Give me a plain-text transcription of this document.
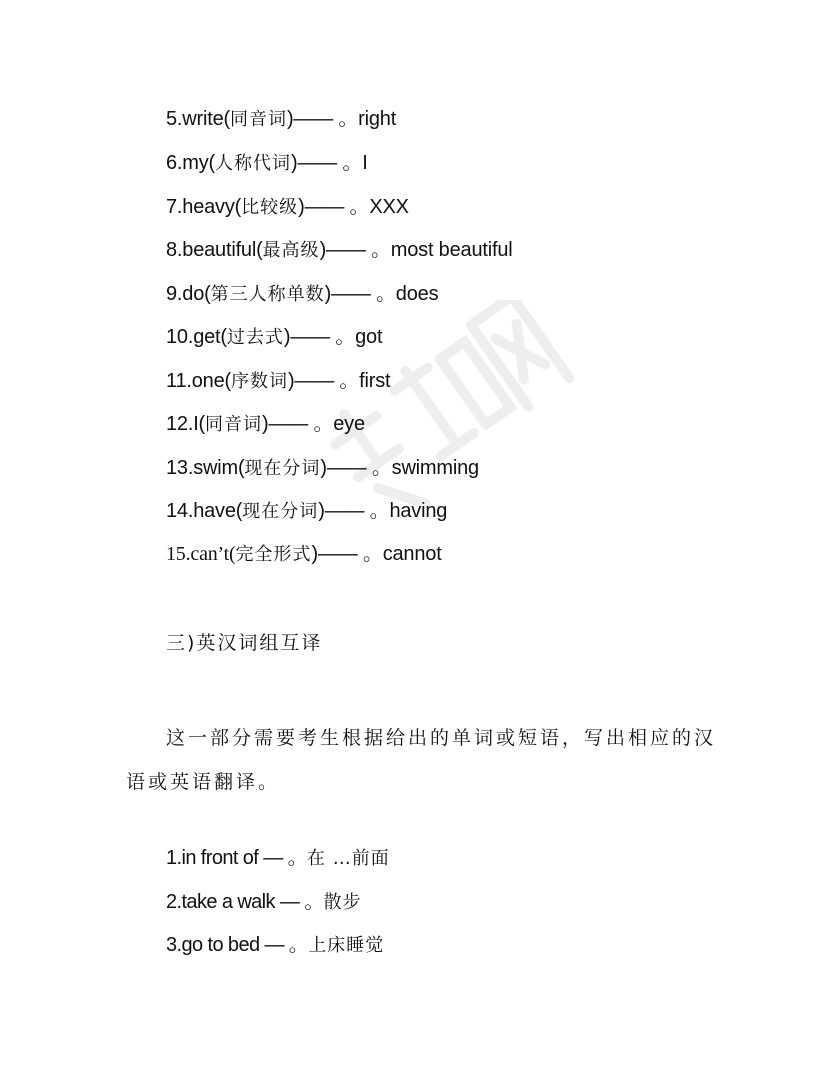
5.write(同音词)—— 。right
6.my(人称代词)—— 。I
7.heavy(比较级)—— 。XXX
8.beautiful(最高级)—— 。most beautiful
9.do(第三人称单数)—— 。does
10.get(过去式)—— 。got
11.one(序数词)—— 。first
12.I(同音词)—— 。eye
13.swim(现在分词)—— 。swimming
14.have(现在分词)—— 。having
15.can’t(完全形式)—— 。cannot
三)英汉词组互译
这一部分需要考生根据给出的单词或短语，写出相应的汉语或英语翻译。
1.in front of — 。在 …前面
2.take a walk — 。散步
3.go to bed — 。上床睡觉
